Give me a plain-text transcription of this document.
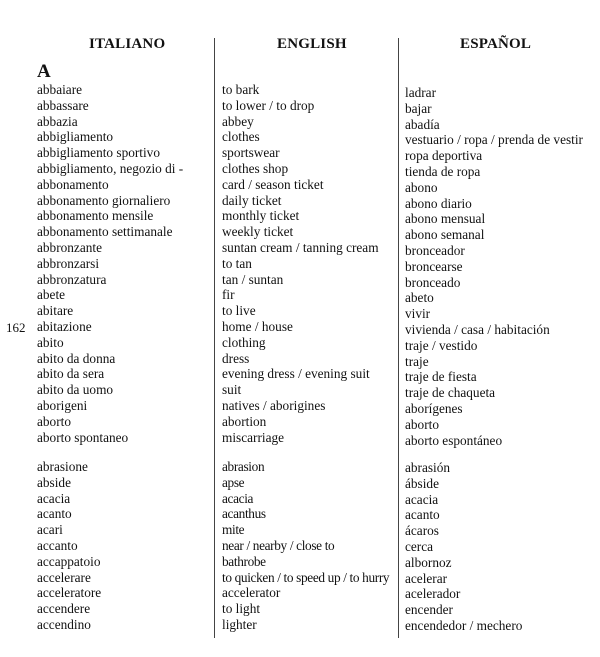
ITALIANO	ENGLISH	ESPAÑOL
A
162
abbaiare
abbassare
abbazia
abbigliamento
abbigliamento sportivo
abbigliamento, negozio di -
abbonamento
abbonamento giornaliero
abbonamento mensile
abbonamento settimanale
abbronzante
abbronzarsi
abbronzatura
abete
abitare
abitazione
abito
abito da donna
abito da sera
abito da uomo
aborigeni
aborto
aborto spontaneo
to bark
to lower / to drop
abbey
clothes
sportswear
clothes shop
card / season ticket
daily ticket
monthly ticket
weekly ticket
suntan cream / tanning cream
to tan
tan / suntan
fir
to live
home / house
clothing
dress
evening dress / evening suit
suit
natives / aborigines
abortion
miscarriage
ladrar
bajar
abadía
vestuario / ropa / prenda de vestir
ropa deportiva
tienda de ropa
abono
abono diario
abono mensual
abono semanal
bronceador
broncearse
bronceado
abeto
vivir
vivienda / casa / habitación
traje / vestido
traje
traje de fiesta
traje de chaqueta
aborígenes
aborto
aborto espontáneo
abrasione
abside
acacia
acanto
acari
accanto
accappatoio
accelerare
acceleratore
accendere
accendino
abrasion
apse
acacia
acanthus
mite
near / nearby / close to
bathrobe
to quicken / to speed up / to hurry
accelerator
to light
lighter
abrasión
ábside
acacia
acanto
ácaros
cerca
albornoz
acelerar
acelerador
encender
encendedor / mechero
